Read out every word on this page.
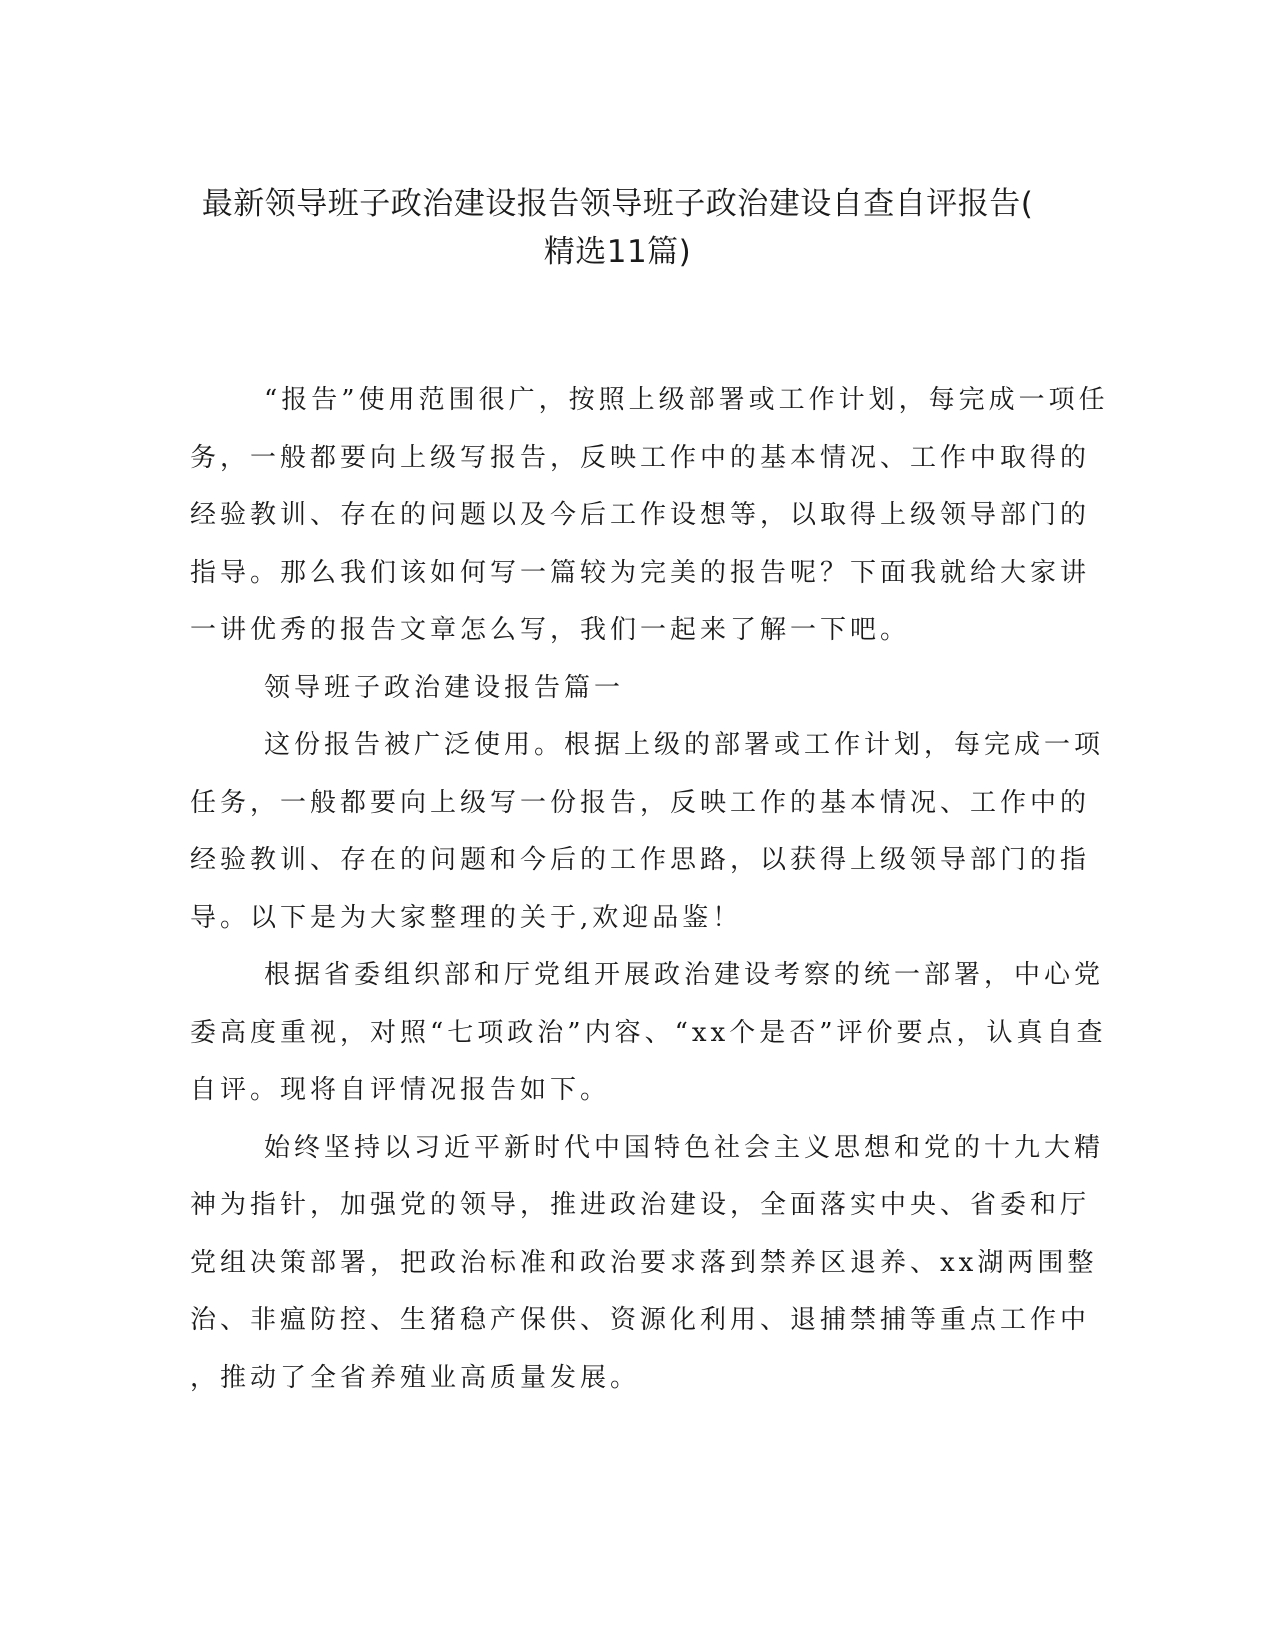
最新领导班子政治建设报告领导班子政治建设自查自评报告(
精选11篇)

“报告”使用范围很广，按照上级部署或工作计划，每完成一项任
务，一般都要向上级写报告，反映工作中的基本情况、工作中取得的
经验教训、存在的问题以及今后工作设想等，以取得上级领导部门的
指导。那么我们该如何写一篇较为完美的报告呢？下面我就给大家讲
一讲优秀的报告文章怎么写，我们一起来了解一下吧。

领导班子政治建设报告篇一

这份报告被广泛使用。根据上级的部署或工作计划，每完成一项
任务，一般都要向上级写一份报告，反映工作的基本情况、工作中的
经验教训、存在的问题和今后的工作思路，以获得上级领导部门的指
导。以下是为大家整理的关于,欢迎品鉴！

根据省委组织部和厅党组开展政治建设考察的统一部署，中心党
委高度重视，对照“七项政治”内容、“xx个是否”评价要点，认真自查
自评。现将自评情况报告如下。

始终坚持以习近平新时代中国特色社会主义思想和党的十九大精
神为指针，加强党的领导，推进政治建设，全面落实中央、省委和厅
党组决策部署，把政治标准和政治要求落到禁养区退养、xx湖两围整
治、非瘟防控、生猪稳产保供、资源化利用、退捕禁捕等重点工作中
，推动了全省养殖业高质量发展。
